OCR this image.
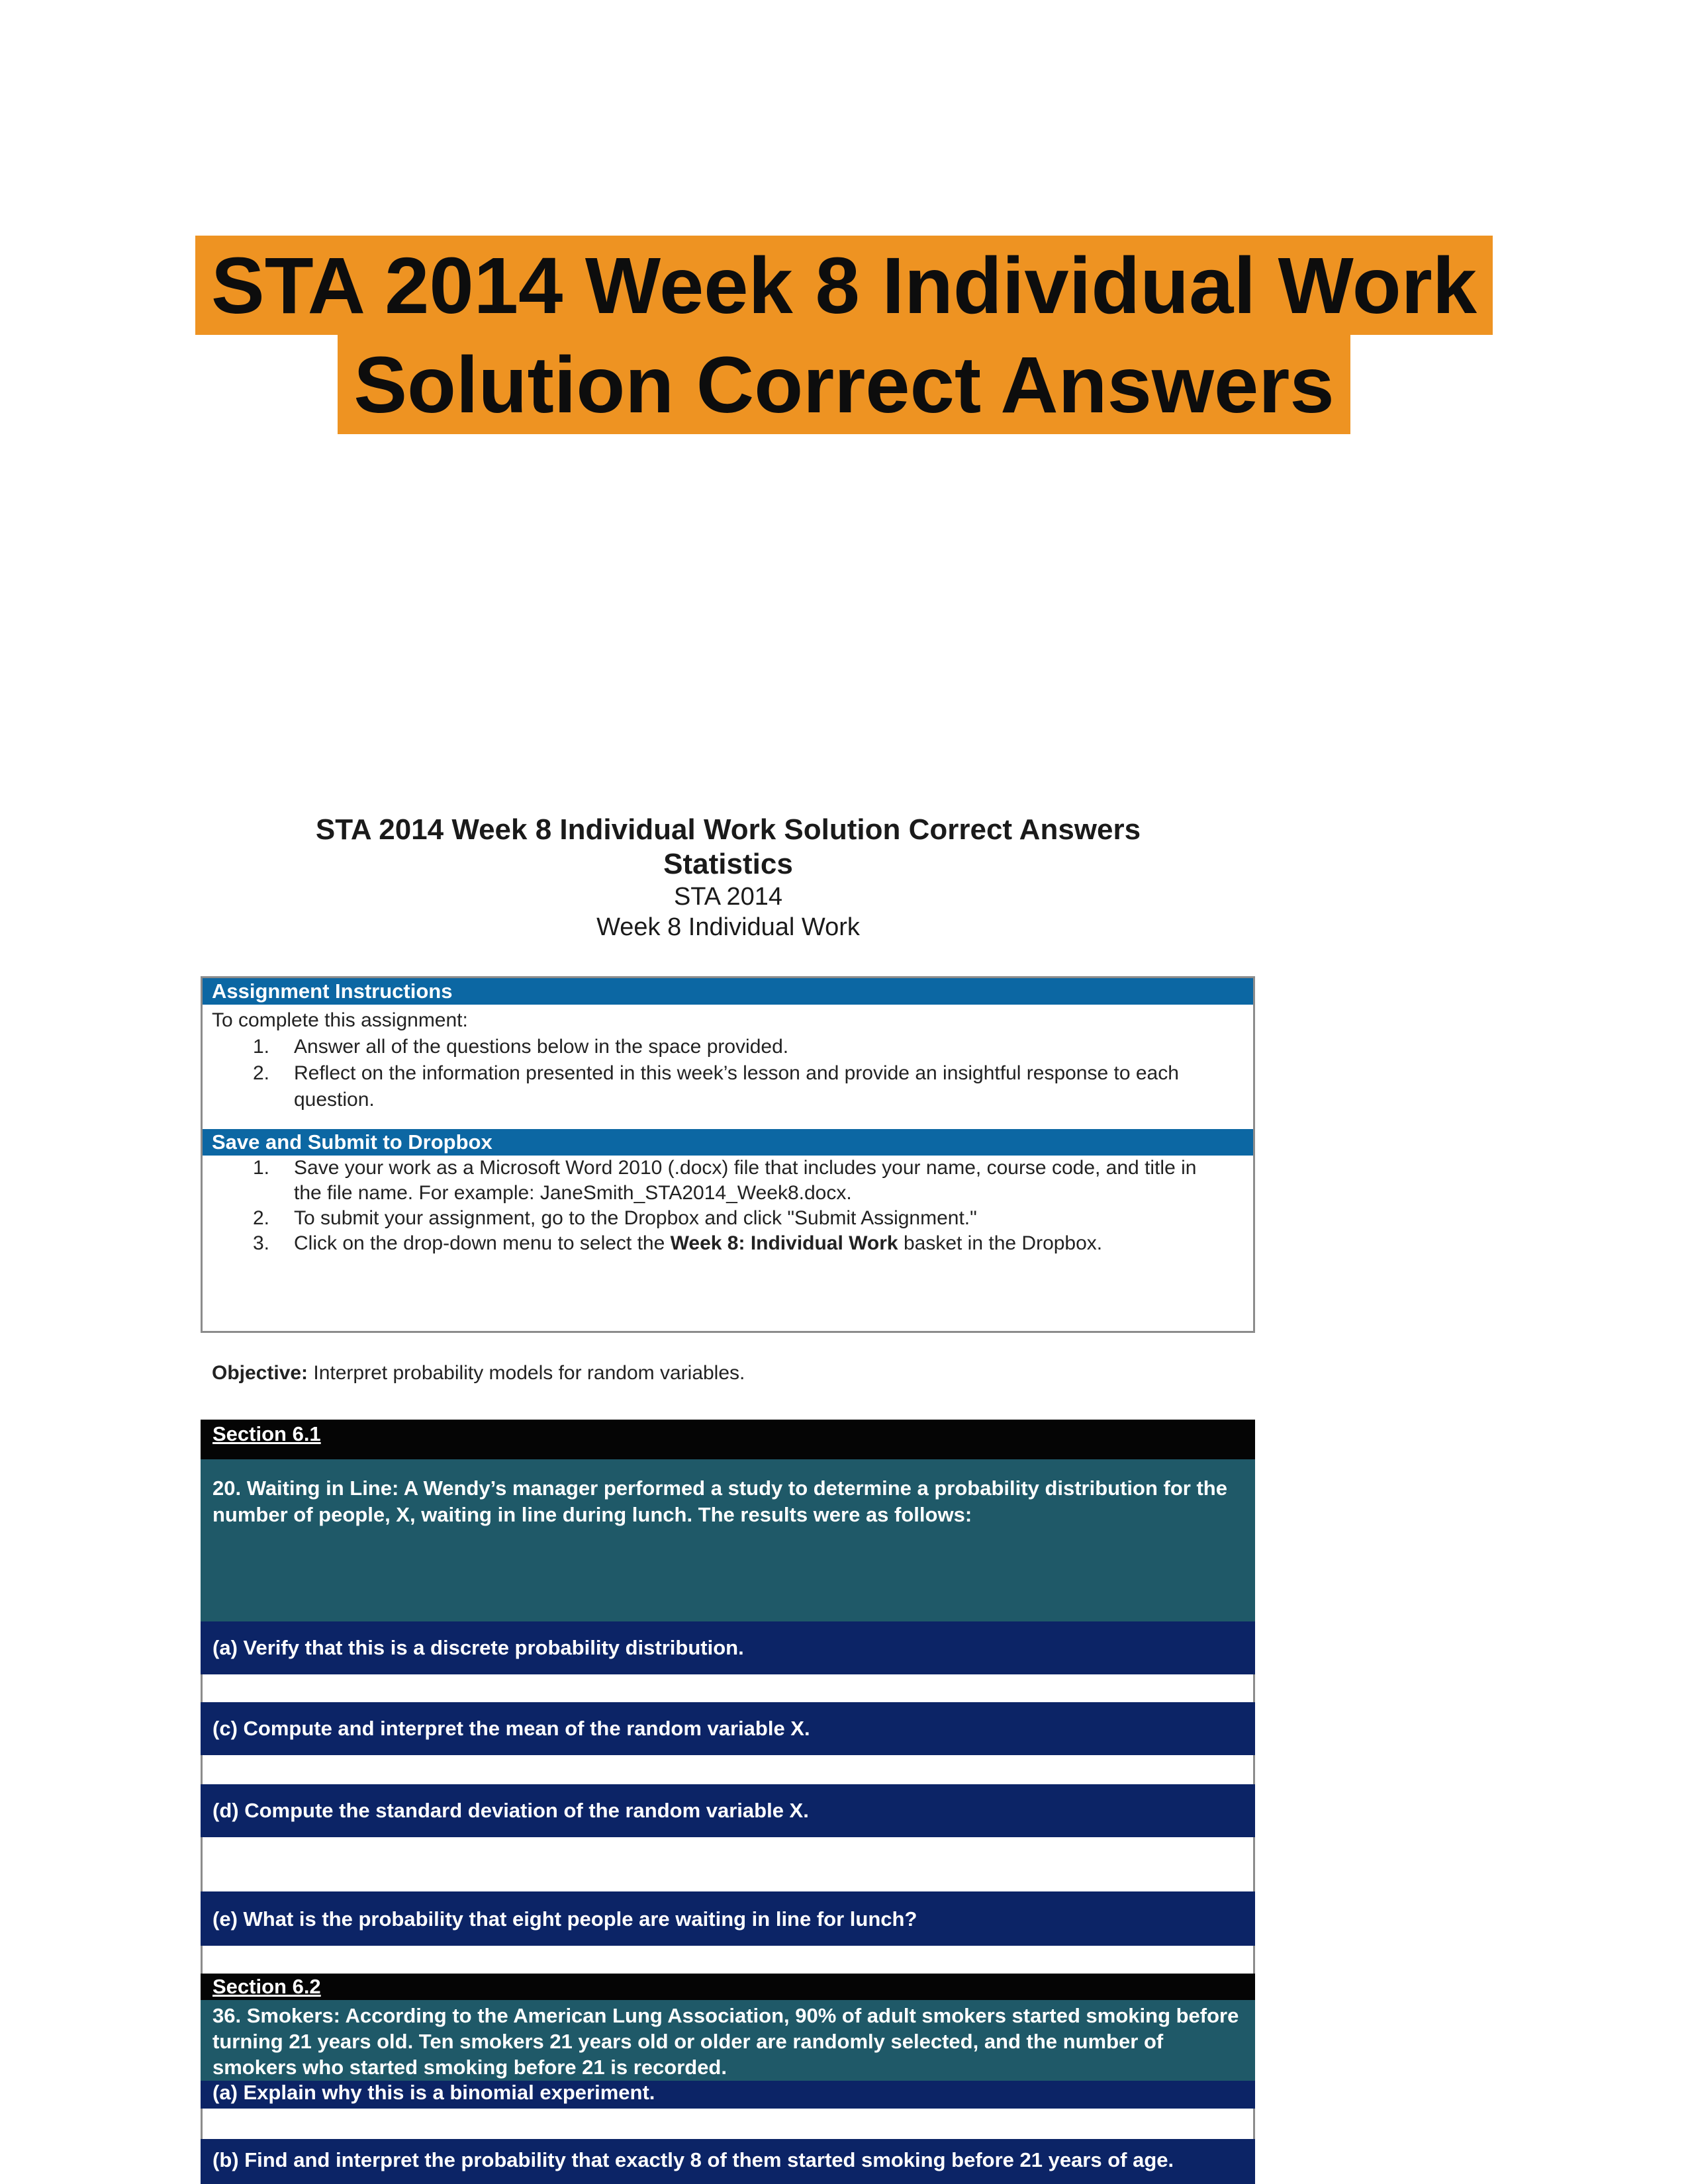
STA 2014 Week 8 Individual Work
Solution Correct Answers
STA 2014 Week 8 Individual Work Solution Correct Answers
Statistics
STA 2014
Week 8 Individual Work
Assignment Instructions
To complete this assignment:
1. Answer all of the questions below in the space provided.
2. Reflect on the information presented in this week’s lesson and provide an insightful response to each question.
Save and Submit to Dropbox
1. Save your work as a Microsoft Word 2010 (.docx) file that includes your name, course code, and title in the file name. For example: JaneSmith_STA2014_Week8.docx.
2. To submit your assignment, go to the Dropbox and click "Submit Assignment."
3. Click on the drop-down menu to select the Week 8: Individual Work basket in the Dropbox.
Objective: Interpret probability models for random variables.
Section 6.1
20. Waiting in Line: A Wendy’s manager performed a study to determine a probability distribution for the number of people, X, waiting in line during lunch. The results were as follows:
(a) Verify that this is a discrete probability distribution.
(c) Compute and interpret the mean of the random variable X.
(d) Compute the standard deviation of the random variable X.
(e) What is the probability that eight people are waiting in line for lunch?
Section 6.2
36. Smokers: According to the American Lung Association, 90% of adult smokers started smoking before turning 21 years old. Ten smokers 21 years old or older are randomly selected, and the number of smokers who started smoking before 21 is recorded.
(a) Explain why this is a binomial experiment.
(b) Find and interpret the probability that exactly 8 of them started smoking before 21 years of age.
